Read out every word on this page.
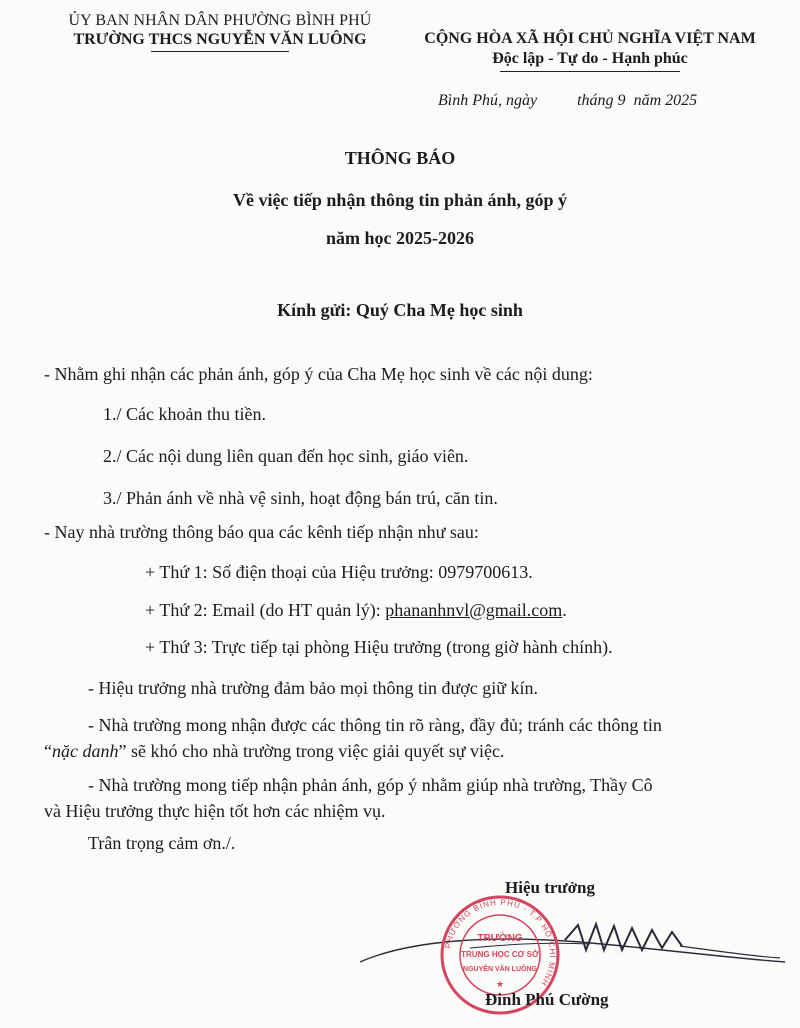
ỦY BAN NHÂN DÂN PHƯỜNG BÌNH PHÚ
TRƯỜNG THCS NGUYỄN VĂN LUÔNG	CỘNG HÒA XÃ HỘI CHỦ NGHĨA VIỆT NAM
Độc lập - Tự do - Hạnh phúc
Bình Phú, ngày	tháng 9 năm 2025
THÔNG BÁO
Về việc tiếp nhận thông tin phản ánh, góp ý
năm học 2025-2026
Kính gửi: Quý Cha Mẹ học sinh
- Nhằm ghi nhận các phản ánh, góp ý của Cha Mẹ học sinh về các nội dung:
1./ Các khoản thu tiền.
2./ Các nội dung liên quan đến học sinh, giáo viên.
3./ Phản ánh về nhà vệ sinh, hoạt động bán trú, căn tin.
- Nay nhà trường thông báo qua các kênh tiếp nhận như sau:
+ Thứ 1: Số điện thoại của Hiệu trưởng: 0979700613.
+ Thứ 2: Email (do HT quản lý): phananhnvl@gmail.com.
+ Thứ 3: Trực tiếp tại phòng Hiệu trưởng (trong giờ hành chính).
- Hiệu trưởng nhà trường đảm bảo mọi thông tin được giữ kín.
- Nhà trường mong nhận được các thông tin rõ ràng, đầy đủ; tránh các thông tin
“nặc danh” sẽ khó cho nhà trường trong việc giải quyết sự việc.
- Nhà trường mong tiếp nhận phản ánh, góp ý nhằm giúp nhà trường, Thầy Cô
và Hiệu trưởng thực hiện tốt hơn các nhiệm vụ.
Trân trọng cảm ơn./.
Hiệu trưởng
PHƯỜNG BÌNH PHÚ - T.P HỒ CHÍ MINH
TRƯỜNG
TRUNG HỌC CƠ SỞ
NGUYỄN VĂN LUÔNG
★
Đinh Phú Cường
